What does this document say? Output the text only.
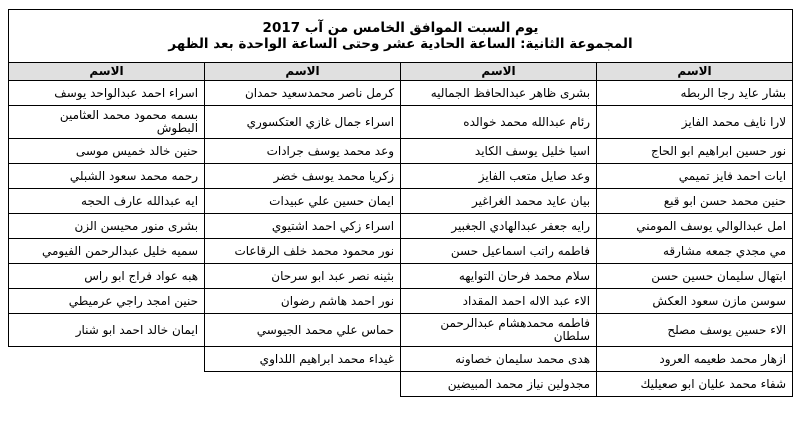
يوم السبت الموافق الخامس من آب 2017
المجموعة الثانية: الساعة الحادية عشر وحتى الساعة الواحدة بعد الظهر			

الاسم	الاسم	الاسم	الاسم
بشار عايد رجا الربطه	بشرى ظاهر عبدالحافظ الجماليه	كرمل ناصر محمدسعيد حمدان	اسراء احمد عبدالواحد يوسف
لارا نايف محمد الفايز	رئام عبدالله محمد خوالده	اسراء جمال غازي العتكسوري	بسمه محمود محمد العثامين البطوش
نور حسين ابراهيم ابو الحاج	اسيا خليل يوسف الكايد	وعد محمد يوسف جرادات	حنين خالد خميس موسى
ايات احمد فايز تميمي	وعد صايل متعب الفايز	زكريا محمد يوسف خضر	رحمه محمد سعود الشبلي
حنين محمد حسن ابو قبع	بيان عايد محمد الغراغير	ايمان حسين علي عبيدات	ايه عبدالله عارف الحجه
امل عبدالوالي يوسف المومني	رايه جعفر عبدالهادي الجغبير	اسراء زكي احمد اشتيوي	بشرى منور محيسن الزن
مي مجدي جمعه مشارقه	فاطمه راتب اسماعيل حسن	نور محمود محمد خلف الرقاعات	سميه خليل عبدالرحمن الفيومي
ابتهال سليمان حسين حسن	سلام محمد فرحان التوايهه	بثينه نصر عبد ابو سرحان	هبه عواد فراج ابو راس
سوسن مازن سعود العكش	الاء عبد الاله احمد المقداد	نور احمد هاشم رضوان	حنين امجد راجي عرميطي
الاء حسين يوسف مصلح	فاطمه محمدهشام عبدالرحمن سلطان	حماس علي محمد الجيوسي	ايمان خالد احمد ابو شنار
ازهار محمد طعيمه العرود	هدى محمد سليمان خصاونه	غيداء محمد ابراهيم اللداوي	
شفاء محمد عليان ابو صعيليك	مجدولين نياز محمد المبيضين		
